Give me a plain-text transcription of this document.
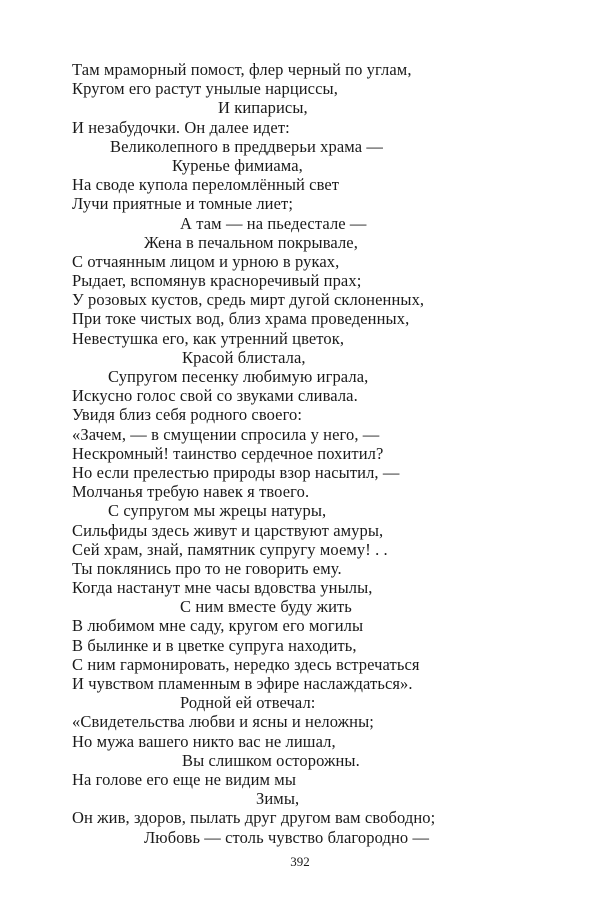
Там мраморный помост, флер черный по углам,
Кругом его растут унылые нарциссы,
И кипарисы,
И незабудочки. Он далее идет:
Великолепного в преддверьи храма —
Куренье фимиама,
На своде купола переломлённый свет
Лучи приятные и томные лиет;
А там — на пьедестале —
Жена в печальном покрывале,
С отчаянным лицом и урною в руках,
Рыдает, вспомянув красноречивый прах;
У розовых кустов, средь мирт дугой склоненных,
При токе чистых вод, близ храма проведенных,
Невестушка его, как утренний цветок,
Красой блистала,
Супругом песенку любимую играла,
Искусно голос свой со звуками сливала.
Увидя близ себя родного своего:
«Зачем, — в смущении спросила у него, —
Нескромный! таинство сердечное похитил?
Но если прелестью природы взор насытил, —
Молчанья требую навек я твоего.
С супругом мы жрецы натуры,
Сильфиды здесь живут и царствуют амуры,
Сей храм, знай, памятник супругу моему! . .
Ты поклянись про то не говорить ему.
Когда настанут мне часы вдовства унылы,
С ним вместе буду жить
В любимом мне саду, кругом его могилы
В былинке и в цветке супруга находить,
С ним гармонировать, нередко здесь встречаться
И чувством пламенным в эфире наслаждаться».
Родной ей отвечал:
«Свидетельства любви и ясны и неложны;
Но мужа вашего никто вас не лишал,
Вы слишком осторожны.
На голове его еще не видим мы
Зимы,
Он жив, здоров, пылать друг другом вам свободно;
Любовь — столь чувство благородно —
392
